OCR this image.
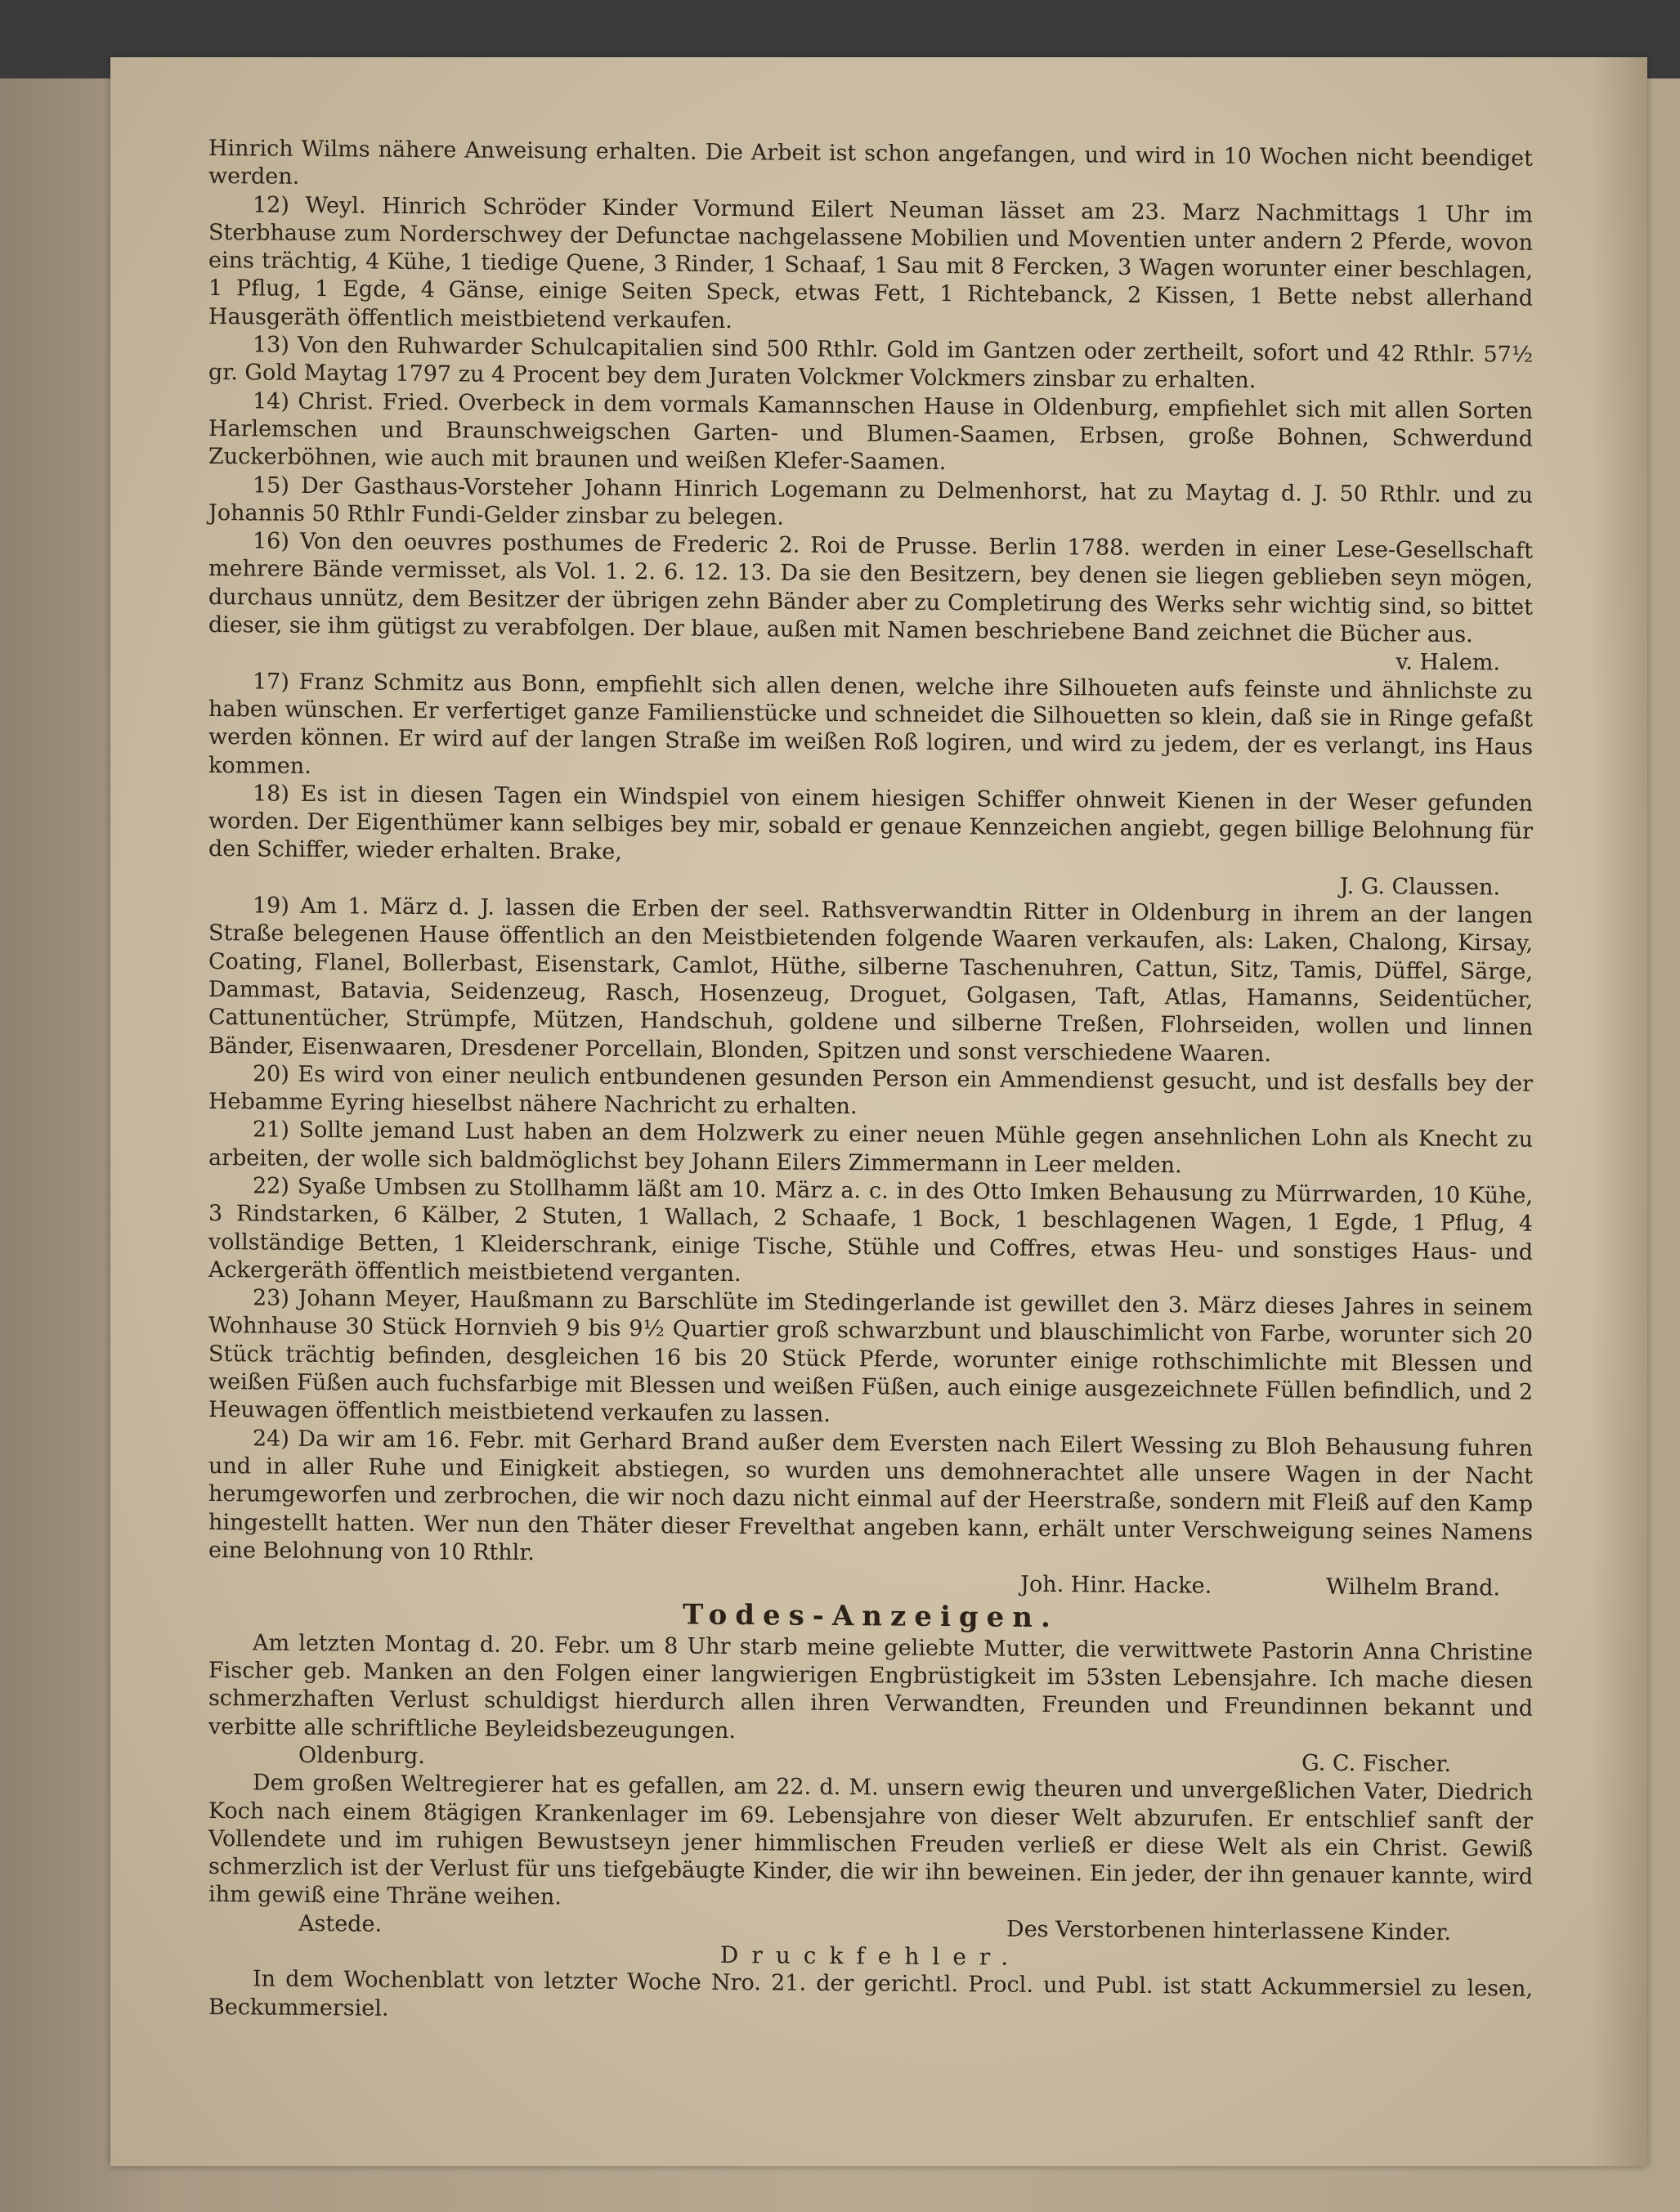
Hinrich Wilms nähere Anweisung erhalten. Die Arbeit ist schon angefangen, und wird in 10 Wochen nicht beendiget werden.

12) Weyl. Hinrich Schröder Kinder Vormund Eilert Neuman lässet am 23. Marz Nachmittags 1 Uhr im Sterbhause zum Norderschwey der Defunctae nachgelassene Mobilien und Moventien unter andern 2 Pferde, wovon eins trächtig, 4 Kühe, 1 tiedige Quene, 3 Rinder, 1 Schaaf, 1 Sau mit 8 Fercken, 3 Wagen worunter einer beschlagen, 1 Pflug, 1 Egde, 4 Gänse, einige Seiten Speck, etwas Fett, 1 Richtebanck, 2 Kissen, 1 Bette nebst allerhand Hausgeräth öffentlich meistbietend verkaufen.

13) Von den Ruhwarder Schulcapitalien sind 500 Rthlr. Gold im Gantzen oder zertheilt, sofort und 42 Rthlr. 57½ gr. Gold Maytag 1797 zu 4 Procent bey dem Juraten Volckmer Volckmers zinsbar zu erhalten.

14) Christ. Fried. Overbeck in dem vormals Kamannschen Hause in Oldenburg, empfiehlet sich mit allen Sorten Harlemschen und Braunschweigschen Garten- und Blumen-Saamen, Erbsen, große Bohnen, Schwerdund Zuckerböhnen, wie auch mit braunen und weißen Klefer-Saamen.

15) Der Gasthaus-Vorsteher Johann Hinrich Logemann zu Delmenhorst, hat zu Maytag d. J. 50 Rthlr. und zu Johannis 50 Rthlr Fundi-Gelder zinsbar zu belegen.

16) Von den oeuvres posthumes de Frederic 2. Roi de Prusse. Berlin 1788. werden in einer Lese-Gesellschaft mehrere Bände vermisset, als Vol. 1. 2. 6. 12. 13. Da sie den Besitzern, bey denen sie liegen geblieben seyn mögen, durchaus unnütz, dem Besitzer der übrigen zehn Bänder aber zu Completirung des Werks sehr wichtig sind, so bittet dieser, sie ihm gütigst zu verabfolgen. Der blaue, außen mit Namen beschriebene Band zeichnet die Bücher aus.

v. Halem.

17) Franz Schmitz aus Bonn, empfiehlt sich allen denen, welche ihre Silhoueten aufs feinste und ähnlichste zu haben wünschen. Er verfertiget ganze Familienstücke und schneidet die Silhouetten so klein, daß sie in Ringe gefaßt werden können. Er wird auf der langen Straße im weißen Roß logiren, und wird zu jedem, der es verlangt, ins Haus kommen.

18) Es ist in diesen Tagen ein Windspiel von einem hiesigen Schiffer ohnweit Kienen in der Weser gefunden worden. Der Eigenthümer kann selbiges bey mir, sobald er genaue Kennzeichen angiebt, gegen billige Belohnung für den Schiffer, wieder erhalten. Brake,

J. G. Claussen.

19) Am 1. März d. J. lassen die Erben der seel. Rathsverwandtin Ritter in Oldenburg in ihrem an der langen Straße belegenen Hause öffentlich an den Meistbietenden folgende Waaren verkaufen, als: Laken, Chalong, Kirsay, Coating, Flanel, Bollerbast, Eisenstark, Camlot, Hüthe, silberne Taschenuhren, Cattun, Sitz, Tamis, Düffel, Särge, Dammast, Batavia, Seidenzeug, Rasch, Hosenzeug, Droguet, Golgasen, Taft, Atlas, Hamanns, Seidentücher, Cattunentücher, Strümpfe, Mützen, Handschuh, goldene und silberne Treßen, Flohrseiden, wollen und linnen Bänder, Eisenwaaren, Dresdener Porcellain, Blonden, Spitzen und sonst verschiedene Waaren.

20) Es wird von einer neulich entbundenen gesunden Person ein Ammendienst gesucht, und ist desfalls bey der Hebamme Eyring hieselbst nähere Nachricht zu erhalten.

21) Sollte jemand Lust haben an dem Holzwerk zu einer neuen Mühle gegen ansehnlichen Lohn als Knecht zu arbeiten, der wolle sich baldmöglichst bey Johann Eilers Zimmermann in Leer melden.

22) Syaße Umbsen zu Stollhamm läßt am 10. März a. c. in des Otto Imken Behausung zu Mürrwarden, 10 Kühe, 3 Rindstarken, 6 Kälber, 2 Stuten, 1 Wallach, 2 Schaafe, 1 Bock, 1 beschlagenen Wagen, 1 Egde, 1 Pflug, 4 vollständige Betten, 1 Kleiderschrank, einige Tische, Stühle und Coffres, etwas Heu- und sonstiges Haus- und Ackergeräth öffentlich meistbietend verganten.

23) Johann Meyer, Haußmann zu Barschlüte im Stedingerlande ist gewillet den 3. März dieses Jahres in seinem Wohnhause 30 Stück Hornvieh 9 bis 9½ Quartier groß schwarzbunt und blauschimlicht von Farbe, worunter sich 20 Stück trächtig befinden, desgleichen 16 bis 20 Stück Pferde, worunter einige rothschimlichte mit Blessen und weißen Füßen auch fuchsfarbige mit Blessen und weißen Füßen, auch einige ausgezeichnete Füllen befindlich, und 2 Heuwagen öffentlich meistbietend verkaufen zu lassen.

24) Da wir am 16. Febr. mit Gerhard Brand außer dem Eversten nach Eilert Wessing zu Bloh Behausung fuhren und in aller Ruhe und Einigkeit abstiegen, so wurden uns demohnerachtet alle unsere Wagen in der Nacht herumgeworfen und zerbrochen, die wir noch dazu nicht einmal auf der Heerstraße, sondern mit Fleiß auf den Kamp hingestellt hatten. Wer nun den Thäter dieser Frevelthat angeben kann, erhält unter Verschweigung seines Namens eine Belohnung von 10 Rthlr.

Joh. Hinr. Hacke.	Wilhelm Brand.
Todes-Anzeigen.

Am letzten Montag d. 20. Febr. um 8 Uhr starb meine geliebte Mutter, die verwittwete Pastorin Anna Christine Fischer geb. Manken an den Folgen einer langwierigen Engbrüstigkeit im 53sten Lebensjahre. Ich mache diesen schmerzhaften Verlust schuldigst hierdurch allen ihren Verwandten, Freunden und Freundinnen bekannt und verbitte alle schriftliche Beyleidsbezeugungen.

Oldenburg.	G. C. Fischer.

Dem großen Weltregierer hat es gefallen, am 22. d. M. unsern ewig theuren und unvergeßlichen Vater, Diedrich Koch nach einem 8tägigen Krankenlager im 69. Lebensjahre von dieser Welt abzurufen. Er entschlief sanft der Vollendete und im ruhigen Bewustseyn jener himmlischen Freuden verließ er diese Welt als ein Christ. Gewiß schmerzlich ist der Verlust für uns tiefgebäugte Kinder, die wir ihn beweinen. Ein jeder, der ihn genauer kannte, wird ihm gewiß eine Thräne weihen.

Astede.	Des Verstorbenen hinterlassene Kinder.
Druckfehler.

In dem Wochenblatt von letzter Woche Nro. 21. der gerichtl. Procl. und Publ. ist statt Ackummersiel zu lesen, Beckummersiel.
